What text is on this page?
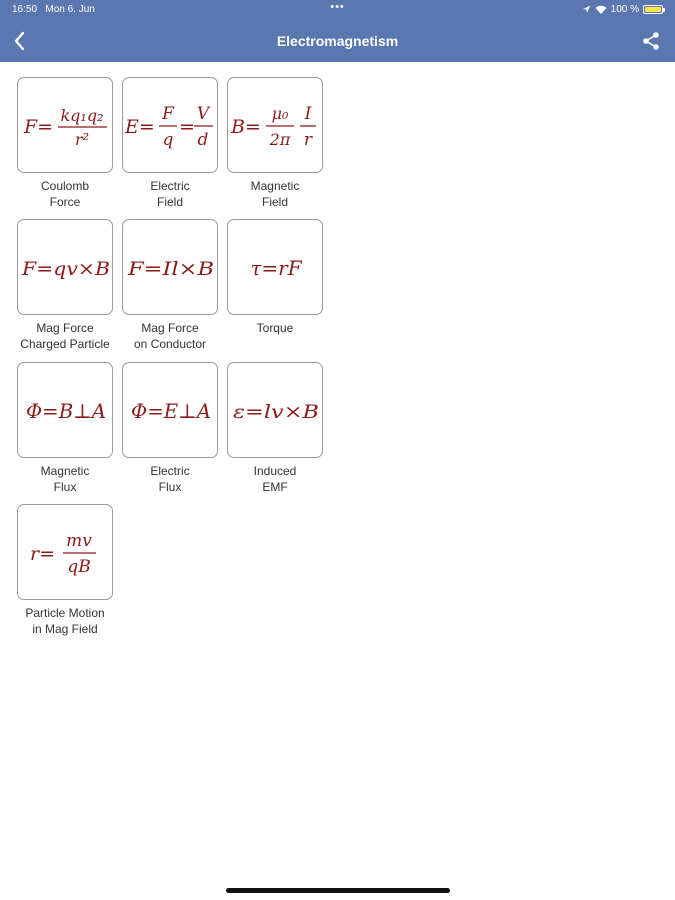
16:50 Mon 6. Jun	•••	100 %
Electromagnetism
F=
kq₁q₂
r²
Coulomb
Force
E=
F
q
=
V
d
Electric
Field
B=
μ₀
2π
I
r
Magnetic
Field
F=qv×B
Mag Force
Charged Particle
F=Il×B
Mag Force
on Conductor
τ=rF
Torque
Φ=B⊥A
Magnetic
Flux
Φ=E⊥A
Electric
Flux
ε=lv×B
Induced
EMF
r=
mv
qB
Particle Motion
in Mag Field
